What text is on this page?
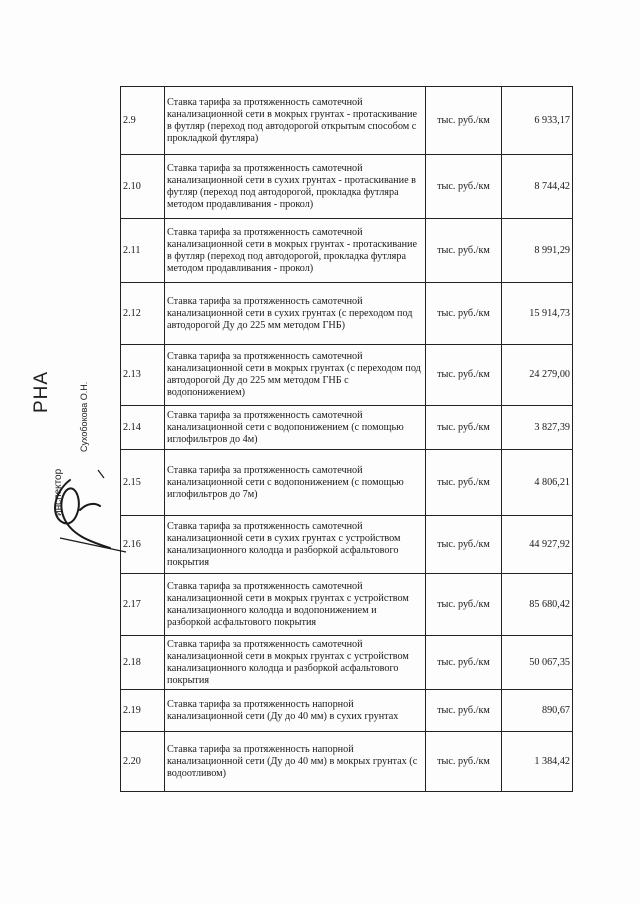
2.9	Ставка тарифа за протяженность самотечной канализационной сети в мокрых грунтах - протаскивание в футляр (переход под автодорогой открытым способом с прокладкой футляра)	тыс. руб./км	6 933,17
2.10	Ставка тарифа за протяженность самотечной канализационной сети в сухих грунтах - протаскивание в футляр (переход под автодорогой, прокладка футляра методом продавливания - прокол)	тыс. руб./км	8 744,42
2.11	Ставка тарифа за протяженность самотечной канализационной сети в мокрых грунтах - протаскивание в футляр (переход под автодорогой, прокладка футляра методом продавливания - прокол)	тыс. руб./км	8 991,29
2.12	Ставка тарифа за протяженность самотечной канализационной сети в сухих грунтах (с переходом под автодорогой Ду до 225 мм методом ГНБ)	тыс. руб./км	15 914,73
2.13	Ставка тарифа за протяженность самотечной канализационной сети в мокрых грунтах (с переходом под автодорогой Ду до 225 мм методом ГНБ с водопонижением)	тыс. руб./км	24 279,00
2.14	Ставка тарифа за протяженность самотечной канализационной сети с водопонижением (с помощью иглофильтров до 4м)	тыс. руб./км	3 827,39
2.15	Ставка тарифа за протяженность самотечной канализационной сети с водопонижением (с помощью иглофильтров до 7м)	тыс. руб./км	4 806,21
2.16	Ставка тарифа за протяженность самотечной канализационной сети в сухих грунтах с устройством канализационного колодца и разборкой асфальтового покрытия	тыс. руб./км	44 927,92
2.17	Ставка тарифа за протяженность самотечной канализационной сети в мокрых грунтах с устройством канализационного колодца и водопонижением и разборкой асфальтового покрытия	тыс. руб./км	85 680,42
2.18	Ставка тарифа за протяженность самотечной канализационной сети в мокрых грунтах с устройством канализационного колодца и разборкой асфальтового покрытия	тыс. руб./км	50 067,35
2.19	Ставка тарифа за протяженность напорной канализационной сети (Ду до 40 мм) в сухих грунтах	тыс. руб./км	890,67
2.20	Ставка тарифа за протяженность напорной канализационной сети (Ду до 40 мм) в мокрых грунтах (с водоотливом)	тыс. руб./км	1 384,42
РНА
инспектор
Сухобокова О.Н.
